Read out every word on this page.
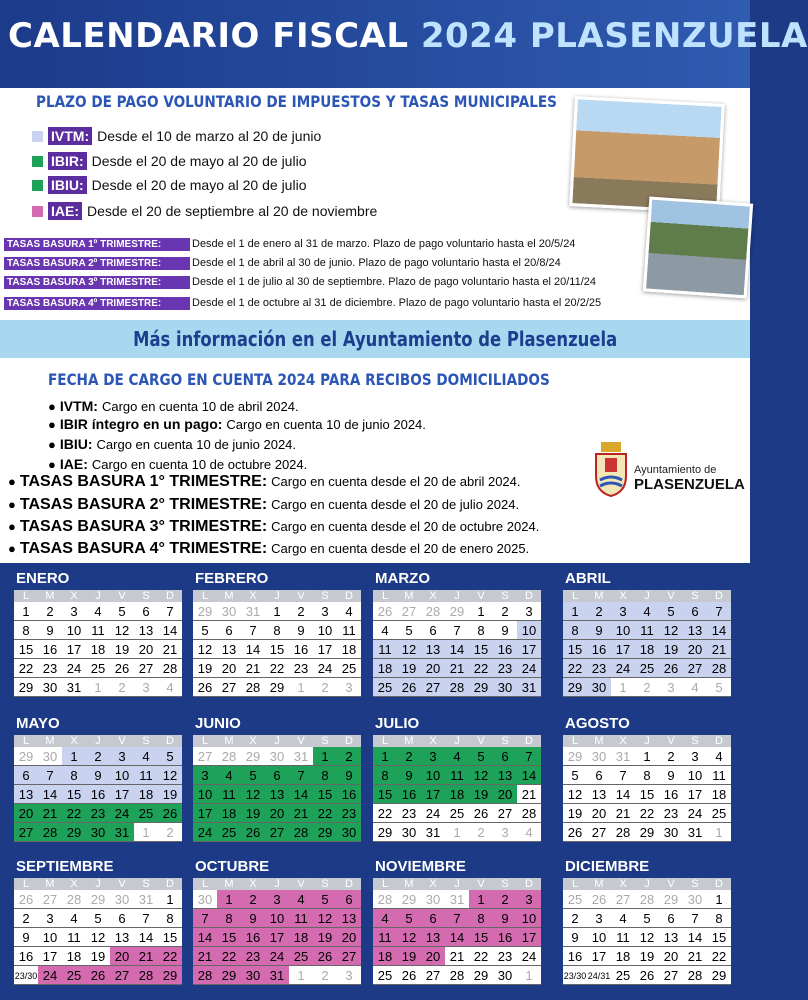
CALENDARIO FISCAL 2024 PLASENZUELA
PLAZO DE PAGO VOLUNTARIO DE IMPUESTOS Y TASAS MUNICIPALES
IVTM: Desde el 10 de marzo al 20 de junio
IBIR: Desde el 20 de mayo al 20 de julio
IBIU: Desde el 20 de mayo al 20 de julio
IAE: Desde el 20 de septiembre al 20 de noviembre
TASAS BASURA 1º TRIMESTRE:	Desde el 1 de enero al 31 de marzo. Plazo de pago voluntario hasta el 20/5/24
TASAS BASURA 2º TRIMESTRE:	Desde el 1 de abril al 30 de junio. Plazo de pago voluntario hasta el 20/8/24
TASAS BASURA 3º TRIMESTRE:	Desde el 1 de julio al 30 de septiembre. Plazo de pago voluntario hasta el 20/11/24
TASAS BASURA 4º TRIMESTRE:	Desde el 1 de octubre al 31 de diciembre. Plazo de pago voluntario hasta el 20/2/25
Más información en el Ayuntamiento de Plasenzuela
FECHA DE CARGO EN CUENTA 2024 PARA RECIBOS DOMICILIADOS
● IVTM: Cargo en cuenta 10 de abril 2024.
● IBIR íntegro en un pago: Cargo en cuenta 10 de junio 2024.
● IBIU: Cargo en cuenta 10 de junio 2024.
● IAE: Cargo en cuenta 10 de octubre 2024.
● TASAS BASURA 1° TRIMESTRE: Cargo en cuenta desde el 20 de abril 2024.
● TASAS BASURA 2° TRIMESTRE: Cargo en cuenta desde el 20 de julio 2024.
● TASAS BASURA 3° TRIMESTRE: Cargo en cuenta desde el 20 de octubre 2024.
● TASAS BASURA 4° TRIMESTRE: Cargo en cuenta desde el 20 de enero 2025.
Ayuntamiento de
PLASENZUELA
ENERO
L	M	X	J	V	S	D
1	2	3	4	5	6	7
8	9	10 11 12 13 14
15 16 17 18 19 20 21
22 23 24 25 26 27 28
29 30 31	1	2	3	4
FEBRERO
L	M	X	J	V	S	D
29 30 31	1	2	3	4
5	6	7	8	9	10 11
12 13 14 15 16 17 18
19 20 21 22 23 24 25
26 27 28 29	1	2	3
MARZO
L	M	X	J	V	S	D
26 27 28 29	1	2	3
4	5	6	7	8	9	10
11 12 13 14 15 16 17
18 19 20 21 22 23 24
25 26 27 28 29 30 31
ABRIL
L	M	X	J	V	S	D
1	2	3	4	5	6	7
8	9	10 11 12 13 14
15 16 17 18 19 20 21
22 23 24 25 26 27 28
29 30	1	2	3	4	5
MAYO
L	M	X	J	V	S	D
29 30	1	2	3	4	5
6	7	8	9	10 11 12
13 14 15 16 17 18 19
20 21 22 23 24 25 26
27 28 29 30 31	1	2
JUNIO
L	M	X	J	V	S	D
27 28 29 30 31	1	2
3	4	5	6	7	8	9
10 11 12 13 14 15 16
17 18 19 20 21 22 23
24 25 26 27 28 29 30
JULIO
L	M	X	J	V	S	D
1	2	3	4	5	6	7
8	9	10 11 12 13 14
15 16 17 18 19 20 21
22 23 24 25 26 27 28
29 30 31	1	2	3	4
AGOSTO
L	M	X	J	V	S	D
29 30 31	1	2	3	4
5	6	7	8	9	10 11
12 13 14 15 16 17 18
19 20 21 22 23 24 25
26 27 28 29 30 31	1
SEPTIEMBRE
L	M	X	J	V	S	D
26 27 28 29 30 31	1
2	3	4	5	6	7	8
9	10 11 12 13 14 15
16 17 18 19 20 21 22
23/30 24 25 26 27 28 29
OCTUBRE
L	M	X	J	V	S	D
30	1	2	3	4	5	6
7	8	9	10 11 12 13
14 15 16 17 18 19 20
21 22 23 24 25 26 27
28 29 30 31	1	2	3
NOVIEMBRE
L	M	X	J	V	S	D
28 29 30 31	1	2	3
4	5	6	7	8	9	10
11 12 13 14 15 16 17
18 19 20 21 22 23 24
25 26 27 28 29 30	1
DICIEMBRE
L	M	X	J	V	S	D
25 26 27 28 29 30	1
2	3	4	5	6	7	8
9	10 11 12 13 14 15
16 17 18 19 20 21 22
23/30 24/31 25 26 27 28 29
